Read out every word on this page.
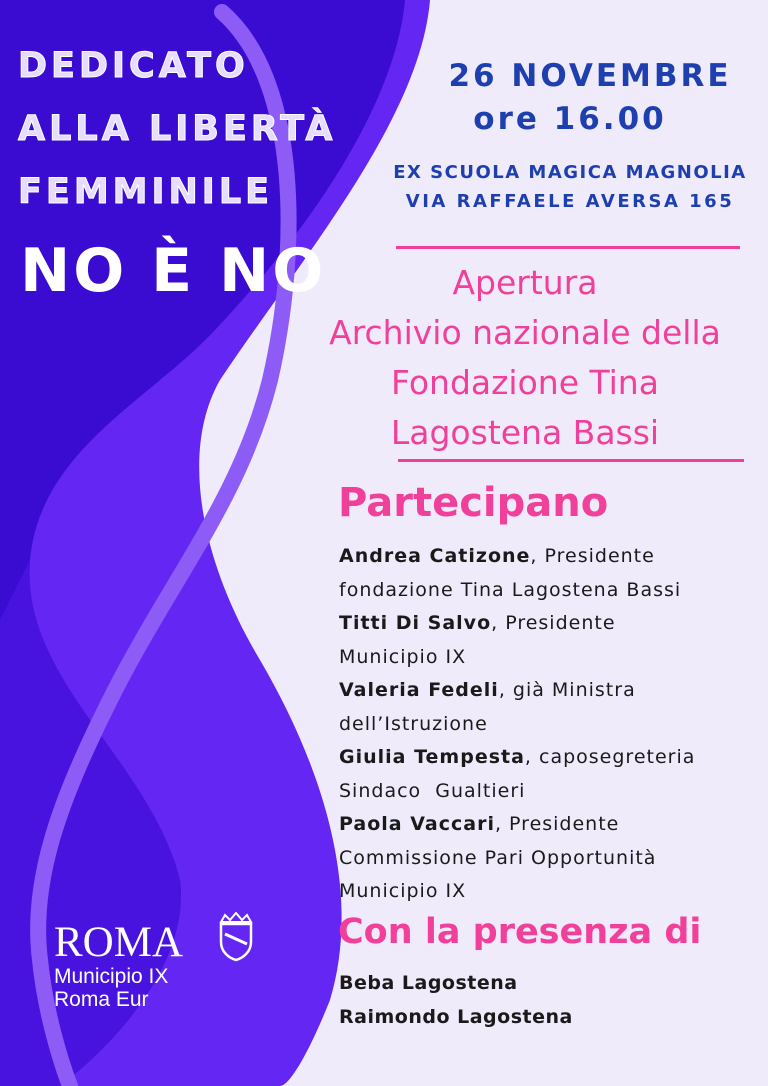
DEDICATO
ALLA LIBERTÀ
FEMMINILE
NO È NO
26 NOVEMBRE
ore 16.00
EX SCUOLA MAGICA MAGNOLIA
VIA RAFFAELE AVERSA 165
Apertura
Archivio nazionale della
Fondazione Tina
Lagostena Bassi
Partecipano
Andrea Catizone, Presidente
fondazione Tina Lagostena Bassi
Titti Di Salvo, Presidente
Municipio IX
Valeria Fedeli, già Ministra
dell’Istruzione
Giulia Tempesta, caposegreteria
Sindaco  Gualtieri
Paola Vaccari, Presidente
Commissione Pari Opportunità
Municipio IX
Con la presenza di
Beba Lagostena
Raimondo Lagostena
ROMA
Municipio IX
Roma Eur
